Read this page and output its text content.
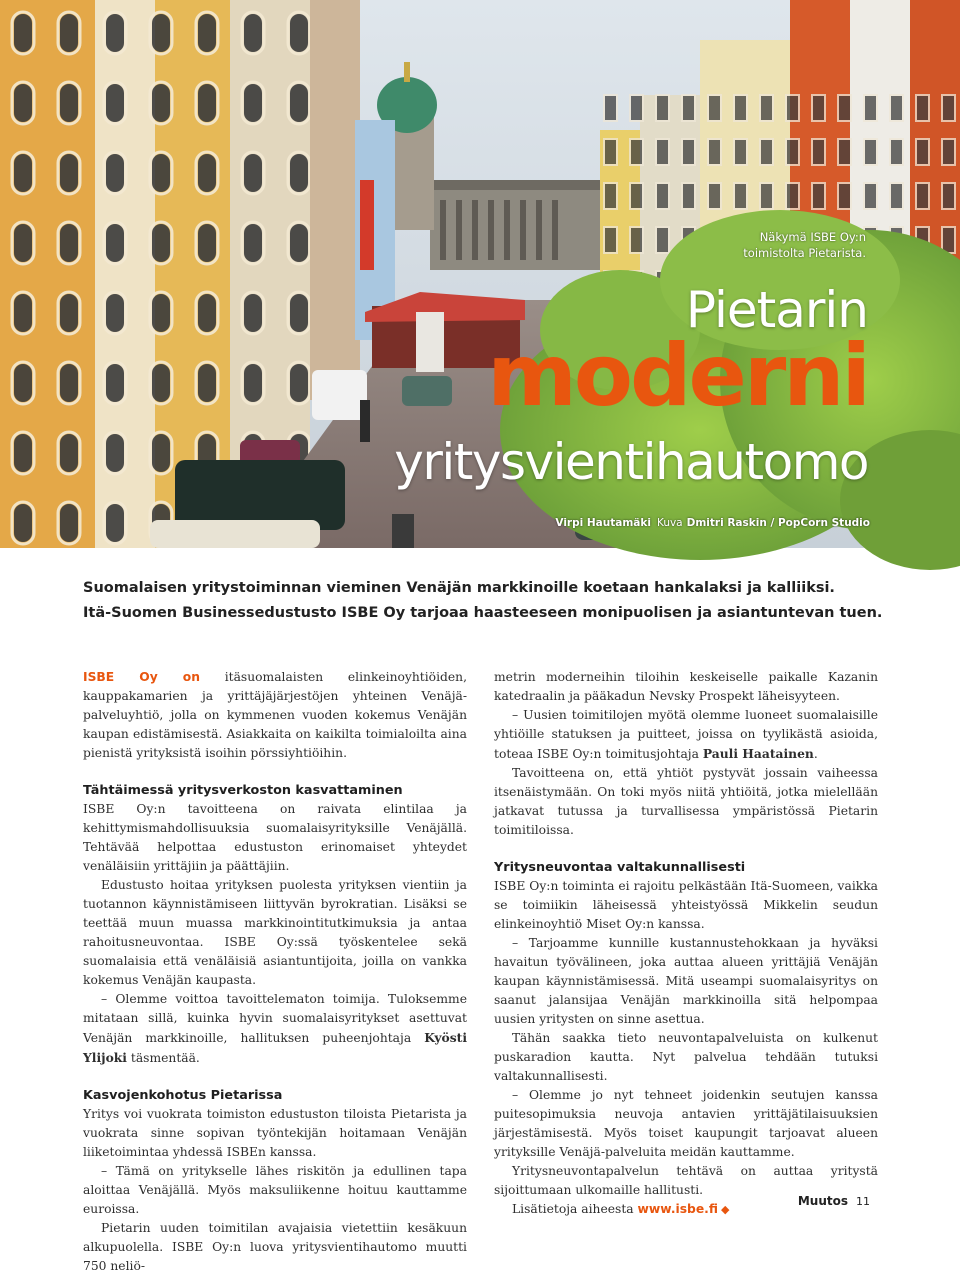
Näkymä ISBE Oy:n
toimistolta Pietarista.
Pietarin
moderni
yritysvientihautomo
Virpi Hautamäki Kuva Dmitri Raskin / PopCorn Studio

Suomalaisen yritystoiminnan vieminen Venäjän markkinoille koetaan hankalaksi ja kalliiksi.

Itä-Suomen Businessedustusto ISBE Oy tarjoaa haasteeseen monipuolisen ja asiantuntevan tuen.

ISBE Oy on itäsuomalaisten elinkeinoyhtiöiden, kauppakamarien ja yrittäjäjärjestöjen yhteinen Venäjä-palveluyhtiö, jolla on kymmenen vuoden kokemus Venäjän kaupan edistämisestä. Asiakkaita on kaikilta toimialoilta aina pienistä yrityksistä isoihin pörssiyhtiöihin.

Tähtäimessä yritysverkoston kasvattaminen

ISBE Oy:n tavoitteena on raivata elintilaa ja kehittymismahdollisuuksia suomalaisyrityksille Venäjällä. Tehtävää helpottaa edustuston erinomaiset yhteydet venäläisiin yrittäjiin ja päättäjiin.

Edustusto hoitaa yrityksen puolesta yrityksen vientiin ja tuotannon käynnistämiseen liittyvän byrokratian. Lisäksi se teettää muun muassa markkinointitutkimuksia ja antaa rahoitusneuvontaa. ISBE Oy:ssä työskentelee sekä suomalaisia että venäläisiä asiantuntijoita, joilla on vankka kokemus Venäjän kaupasta.

– Olemme voittoa tavoittelematon toimija. Tuloksemme mitataan sillä, kuinka hyvin suomalaisyritykset asettuvat Venäjän markkinoille, hallituksen puheenjohtaja Kyösti Ylijoki täsmentää.

Kasvojenkohotus Pietarissa

Yritys voi vuokrata toimiston edustuston tiloista Pietarista ja vuokrata sinne sopivan työntekijän hoitamaan Venäjän liiketoimintaa yhdessä ISBEn kanssa.

– Tämä on yritykselle lähes riskitön ja edullinen tapa aloittaa Venäjällä. Myös maksuliikenne hoituu kauttamme euroissa.

Pietarin uuden toimitilan avajaisia vietettiin kesäkuun alkupuolella. ISBE Oy:n luova yritysvientihautomo muutti 750 neliö-

metrin moderneihin tiloihin keskeiselle paikalle Kazanin katedraalin ja pääkadun Nevsky Prospekt läheisyyteen.

– Uusien toimitilojen myötä olemme luoneet suomalaisille yhtiöille statuksen ja puitteet, joissa on tyylikästä asioida, toteaa ISBE Oy:n toimitusjohtaja Pauli Haatainen.

Tavoitteena on, että yhtiöt pystyvät jossain vaiheessa itsenäistymään. On toki myös niitä yhtiöitä, jotka mielellään jatkavat tutussa ja turvallisessa ympäristössä Pietarin toimitiloissa.

Yritysneuvontaa valtakunnallisesti

ISBE Oy:n toiminta ei rajoitu pelkästään Itä-Suomeen, vaikka se toimiikin läheisessä yhteistyössä Mikkelin seudun elinkeinoyhtiö Miset Oy:n kanssa.

– Tarjoamme kunnille kustannustehokkaan ja hyväksi havaitun työvälineen, joka auttaa alueen yrittäjiä Venäjän kaupan käynnistämisessä. Mitä useampi suomalaisyritys on saanut jalansijaa Venäjän markkinoilla sitä helpompaa uusien yritysten on sinne asettua.

Tähän saakka tieto neuvontapalveluista on kulkenut puskaradion kautta. Nyt palvelua tehdään tutuksi valtakunnallisesti.

– Olemme jo nyt tehneet joidenkin seutujen kanssa puitesopimuksia neuvoja antavien yrittäjätilaisuuksien järjestämisestä. Myös toiset kaupungit tarjoavat alueen yrityksille Venäjä-palveluita meidän kauttamme.

Yritysneuvontapalvelun tehtävä on auttaa yritystä sijoittumaan ulkomaille hallitusti.

Lisätietoja aiheesta www.isbe.fi ◆

Muutos 11
